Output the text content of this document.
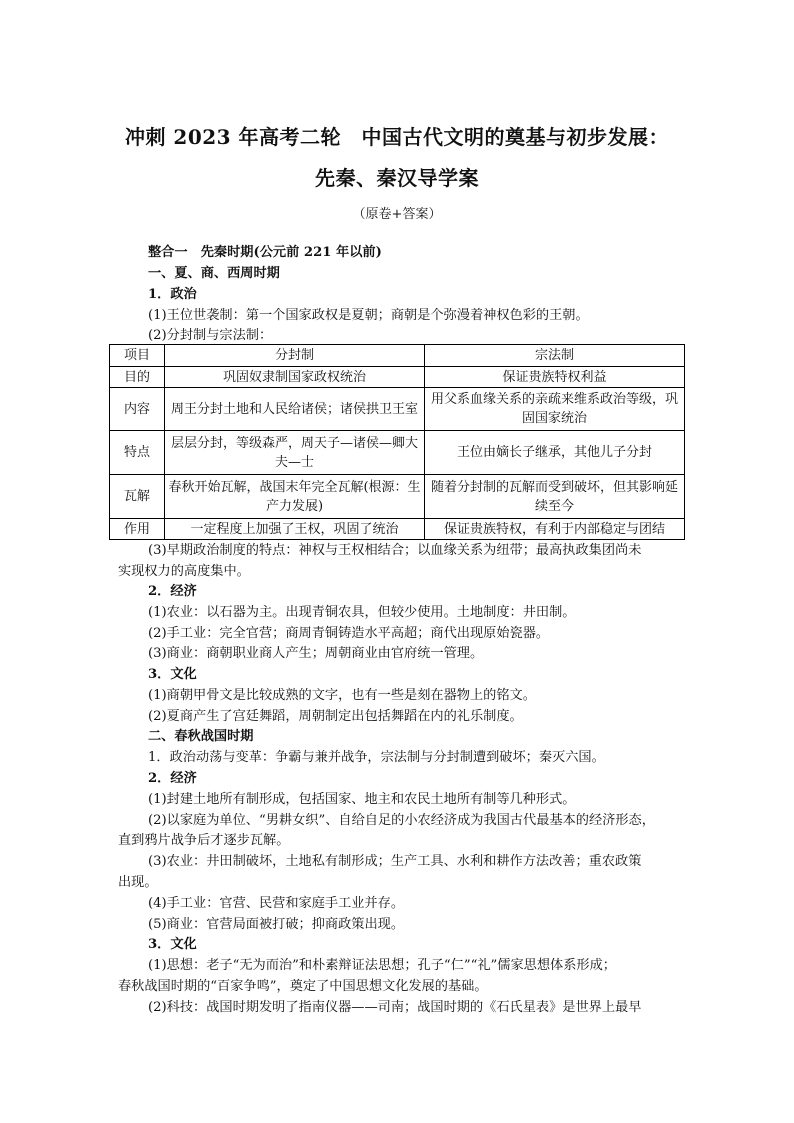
冲刺 2023 年高考二轮　中国古代文明的奠基与初步发展：
先秦、秦汉导学案
（原卷+答案）
整合一　先秦时期(公元前 221 年以前)
一、夏、商、西周时期
1．政治
(1)王位世袭制：第一个国家政权是夏朝；商朝是个弥漫着神权色彩的王朝。
(2)分封制与宗法制：
项目	分封制	宗法制
目的	巩固奴隶制国家政权统治	保证贵族特权利益
内容	周王分封土地和人民给诸侯；诸侯拱卫王室	用父系血缘关系的亲疏来维系政治等级，巩固国家统治
特点	层层分封，等级森严，周天子—诸侯—卿大夫—士	王位由嫡长子继承，其他儿子分封
瓦解	春秋开始瓦解，战国末年完全瓦解(根源：生产力发展)	随着分封制的瓦解而受到破坏，但其影响延续至今
作用	一定程度上加强了王权，巩固了统治	保证贵族特权，有利于内部稳定与团结
(3)早期政治制度的特点：神权与王权相结合；以血缘关系为纽带；最高执政集团尚未
实现权力的高度集中。
2．经济
(1)农业：以石器为主。出现青铜农具，但较少使用。土地制度：井田制。
(2)手工业：完全官营；商周青铜铸造水平高超；商代出现原始瓷器。
(3)商业：商朝职业商人产生；周朝商业由官府统一管理。
3．文化
(1)商朝甲骨文是比较成熟的文字，也有一些是刻在器物上的铭文。
(2)夏商产生了宫廷舞蹈，周朝制定出包括舞蹈在内的礼乐制度。
二、春秋战国时期
1．政治动荡与变革：争霸与兼并战争，宗法制与分封制遭到破坏；秦灭六国。
2．经济
(1)封建土地所有制形成，包括国家、地主和农民土地所有制等几种形式。
(2)以家庭为单位、“男耕女织”、自给自足的小农经济成为我国古代最基本的经济形态，
直到鸦片战争后才逐步瓦解。
(3)农业：井田制破坏，土地私有制形成；生产工具、水利和耕作方法改善；重农政策
出现。
(4)手工业：官营、民营和家庭手工业并存。
(5)商业：官营局面被打破；抑商政策出现。
3．文化
(1)思想：老子“无为而治”和朴素辩证法思想；孔子“仁”“礼”儒家思想体系形成；
春秋战国时期的“百家争鸣”，奠定了中国思想文化发展的基础。
(2)科技：战国时期发明了指南仪器——司南；战国时期的《石氏星表》是世界上最早
